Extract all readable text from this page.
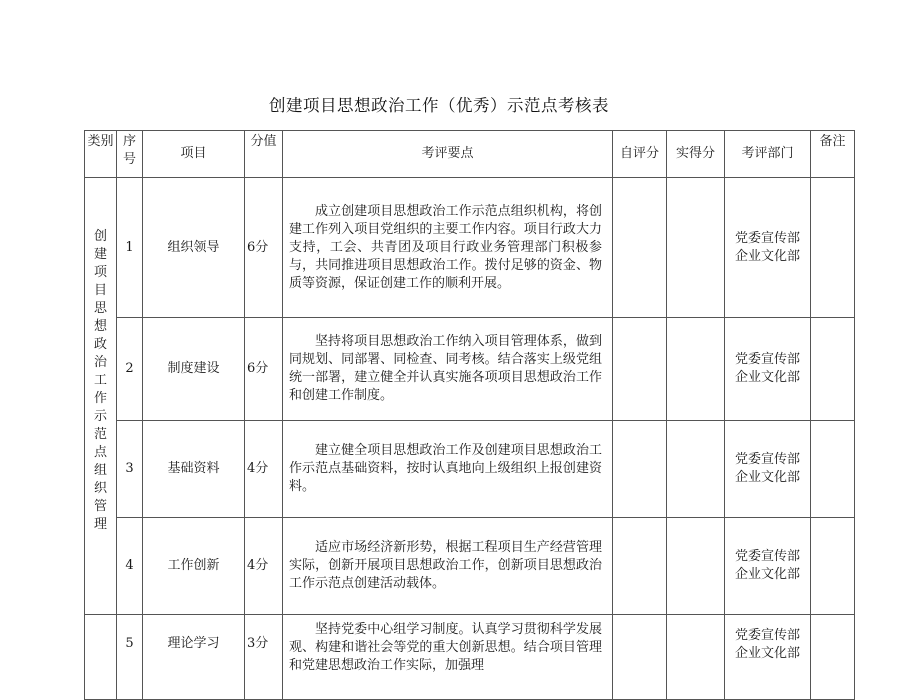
创建项目思想政治工作（优秀）示范点考核表
类别	序号	项目	分值	考评要点	自评分	实得分	考评部门	备注

创建项目思想政治工作示范点组织管理	1	组织领导	6分	成立创建项目思想政治工作示范点组织机构，将创建工作列入项目党组织的主要工作内容。项目行政大力支持，工会、共青团及项目行政业务管理部门积极参与，共同推进项目思想政治工作。拨付足够的资金、物质等资源，保证创建工作的顺利开展。			党委宣传部
企业文化部	

	2	制度建设	6分	坚持将项目思想政治工作纳入项目管理体系，做到同规划、同部署、同检查、同考核。结合落实上级党组统一部署，建立健全并认真实施各项项目思想政治工作和创建工作制度。			党委宣传部
企业文化部	

	3	基础资料	4分	建立健全项目思想政治工作及创建项目思想政治工作示范点基础资料，按时认真地向上级组织上报创建资料。			党委宣传部
企业文化部	

	4	工作创新	4分	适应市场经济新形势，根据工程项目生产经营管理实际，创新开展项目思想政治工作，创新项目思想政治工作示范点创建活动载体。			党委宣传部
企业文化部	

	5	理论学习	3分	坚持党委中心组学习制度。认真学习贯彻科学发展观、构建和谐社会等党的重大创新思想。结合项目管理和党建思想政治工作实际，加强理			党委宣传部
企业文化部	
